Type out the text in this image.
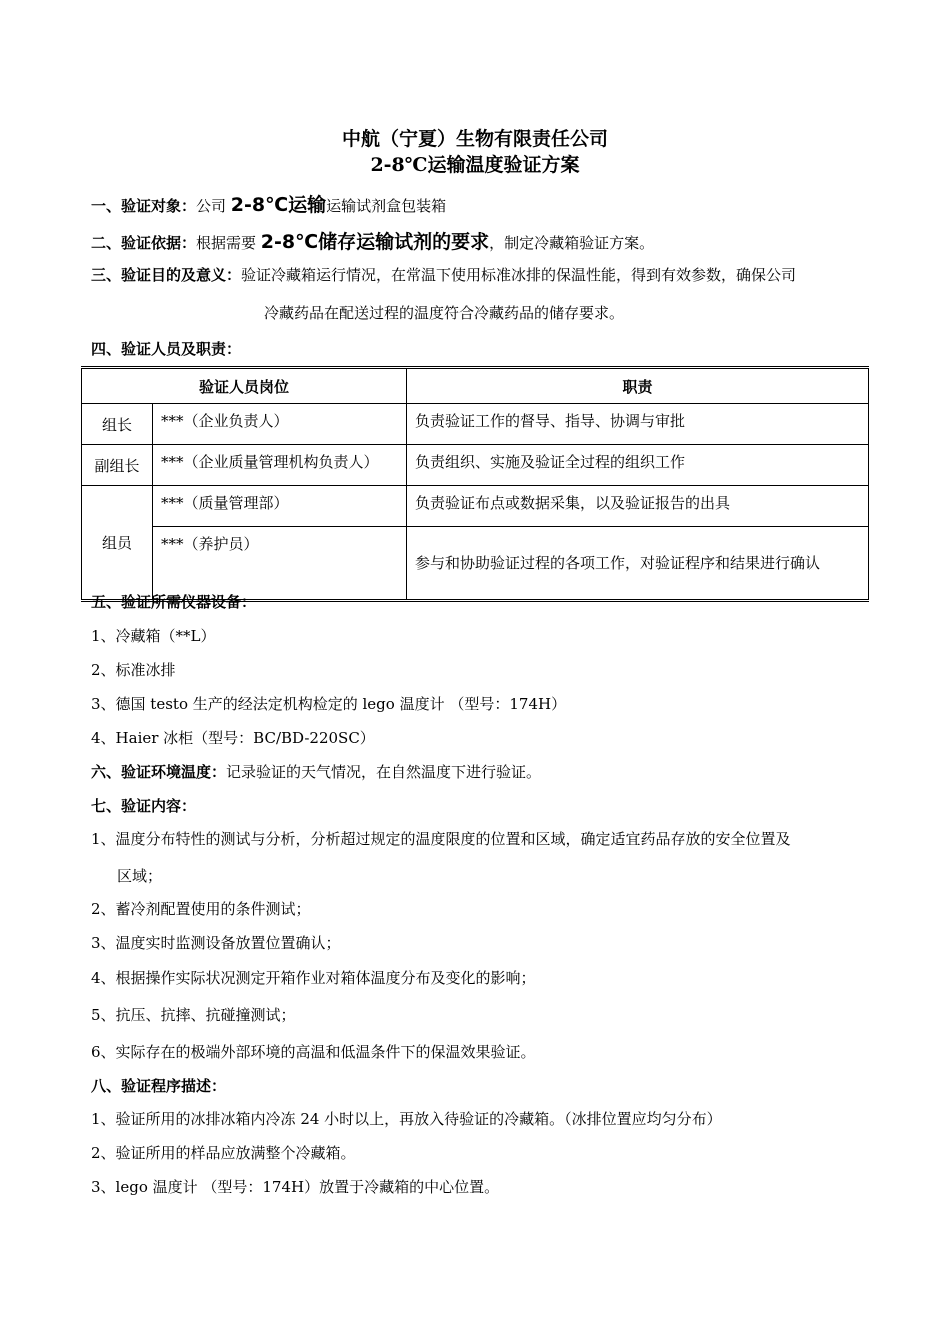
中航（宁夏）生物有限责任公司
2-8℃运输温度验证方案
一、验证对象：公司 2-8℃运输运输试剂盒包装箱
二、验证依据：根据需要 2-8℃储存运输试剂的要求，制定冷藏箱验证方案。
三、验证目的及意义：验证冷藏箱运行情况，在常温下使用标准冰排的保温性能，得到有效参数，确保公司
冷藏药品在配送过程的温度符合冷藏药品的储存要求。
四、验证人员及职责：
验证人员岗位		职责
组长	***（企业负责人）	负责验证工作的督导、指导、协调与审批
副组长	***（企业质量管理机构负责人）	负责组织、实施及验证全过程的组织工作
组员	***（质量管理部）	负责验证布点或数据采集，以及验证报告的出具
	***（养护员）	参与和协助验证过程的各项工作，对验证程序和结果进行确认
五、验证所需仪器设备：
1、冷藏箱（**L）
2、标准冰排
3、德国 testo 生产的经法定机构检定的 lego 温度计 （型号：174H）
4、Haier 冰柜（型号：BC/BD-220SC）
六、验证环境温度：记录验证的天气情况，在自然温度下进行验证。
七、验证内容：
1、温度分布特性的测试与分析，分析超过规定的温度限度的位置和区域，确定适宜药品存放的安全位置及
区域；
2、蓄冷剂配置使用的条件测试；
3、温度实时监测设备放置位置确认；
4、根据操作实际状况测定开箱作业对箱体温度分布及变化的影响；
5、抗压、抗摔、抗碰撞测试；
6、实际存在的极端外部环境的高温和低温条件下的保温效果验证。
八、验证程序描述：
1、验证所用的冰排冰箱内冷冻 24 小时以上，再放入待验证的冷藏箱。（冰排位置应均匀分布）
2、验证所用的样品应放满整个冷藏箱。
3、lego 温度计 （型号：174H）放置于冷藏箱的中心位置。
